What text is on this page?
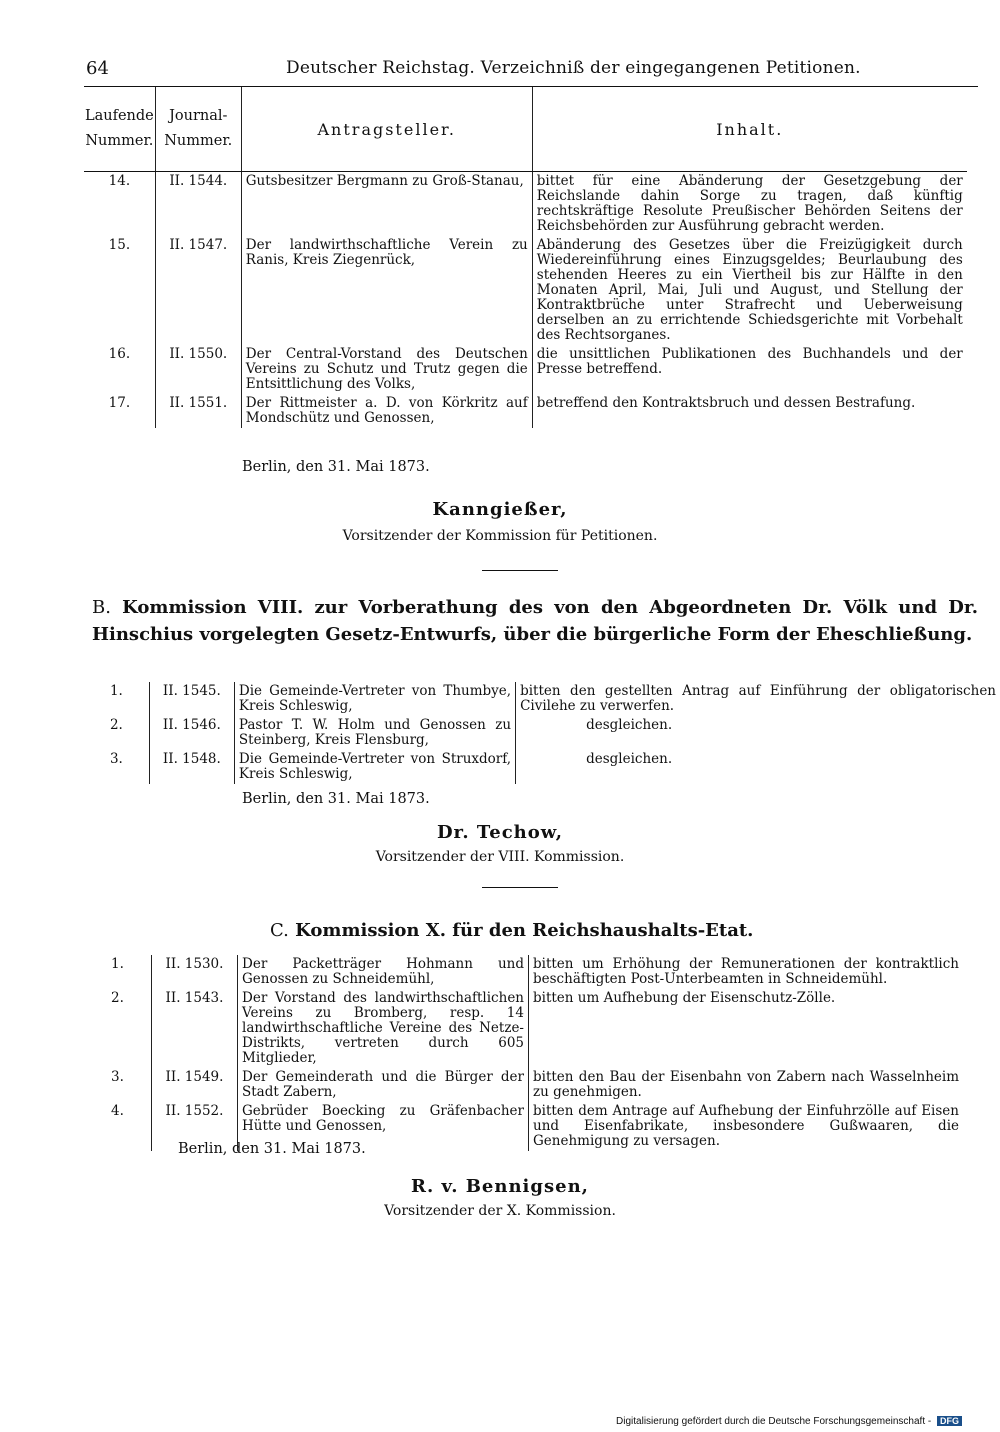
64	Deutscher Reichstag. Verzeichniß der eingegangenen Petitionen.
Laufende Nummer.	Journal- Nummer.	Antragsteller.	Inhalt.
14.	II. 1544.	Gutsbesitzer Bergmann zu Groß-Stanau,	bittet für eine Abänderung der Gesetzgebung der Reichslande dahin Sorge zu tragen, daß künftig rechtskräftige Resolute Preußischer Behörden Seitens der Reichsbehörden zur Ausführung gebracht werden.
15.	II. 1547.	Der landwirthschaftliche Verein zu Ranis, Kreis Ziegenrück,	Abänderung des Gesetzes über die Freizügigkeit durch Wiedereinführung eines Einzugsgeldes; Beurlaubung des stehenden Heeres zu ein Viertheil bis zur Hälfte in den Monaten April, Mai, Juli und August, und Stellung der Kontraktbrüche unter Strafrecht und Ueberweisung derselben an zu errichtende Schiedsgerichte mit Vorbehalt des Rechtsorganes.
16.	II. 1550.	Der Central-Vorstand des Deutschen Vereins zu Schutz und Trutz gegen die Entsittlichung des Volks,	die unsittlichen Publikationen des Buchhandels und der Presse betreffend.
17.	II. 1551.	Der Rittmeister a. D. von Körkritz auf Mondschütz und Genossen,	betreffend den Kontraktsbruch und dessen Bestrafung.
Berlin, den 31. Mai 1873.
Kanngießer,
Vorsitzender der Kommission für Petitionen.
B. Kommission VIII. zur Vorberathung des von den Abgeordneten Dr. Völk und Dr. Hinschius vorgelegten Gesetz-Entwurfs, über die bürgerliche Form der Eheschließung.
1.	II. 1545.	Die Gemeinde-Vertreter von Thumbye, Kreis Schleswig,	bitten den gestellten Antrag auf Einführung der obligatorischen Civilehe zu verwerfen.
2.	II. 1546.	Pastor T. W. Holm und Genossen zu Steinberg, Kreis Flensburg,	desgleichen.
3.	II. 1548.	Die Gemeinde-Vertreter von Struxdorf, Kreis Schleswig,	desgleichen.
Berlin, den 31. Mai 1873.
Dr. Techow,
Vorsitzender der VIII. Kommission.
C. Kommission X. für den Reichshaushalts-Etat.
1.	II. 1530.	Der Packetträger Hohmann und Genossen zu Schneidemühl,	bitten um Erhöhung der Remunerationen der kontraktlich beschäftigten Post-Unterbeamten in Schneidemühl.
2.	II. 1543.	Der Vorstand des landwirthschaftlichen Vereins zu Bromberg, resp. 14 landwirthschaftliche Vereine des Netze-Distrikts, vertreten durch 605 Mitglieder,	bitten um Aufhebung der Eisenschutz-Zölle.
3.	II. 1549.	Der Gemeinderath und die Bürger der Stadt Zabern,	bitten den Bau der Eisenbahn von Zabern nach Wasselnheim zu genehmigen.
4.	II. 1552.	Gebrüder Boecking zu Gräfenbacher Hütte und Genossen,	bitten dem Antrage auf Aufhebung der Einfuhrzölle auf Eisen und Eisenfabrikate, insbesondere Gußwaaren, die Genehmigung zu versagen.
Berlin, den 31. Mai 1873.
R. v. Bennigsen,
Vorsitzender der X. Kommission.
Digitalisierung gefördert durch die Deutsche Forschungsgemeinschaft - DFG
